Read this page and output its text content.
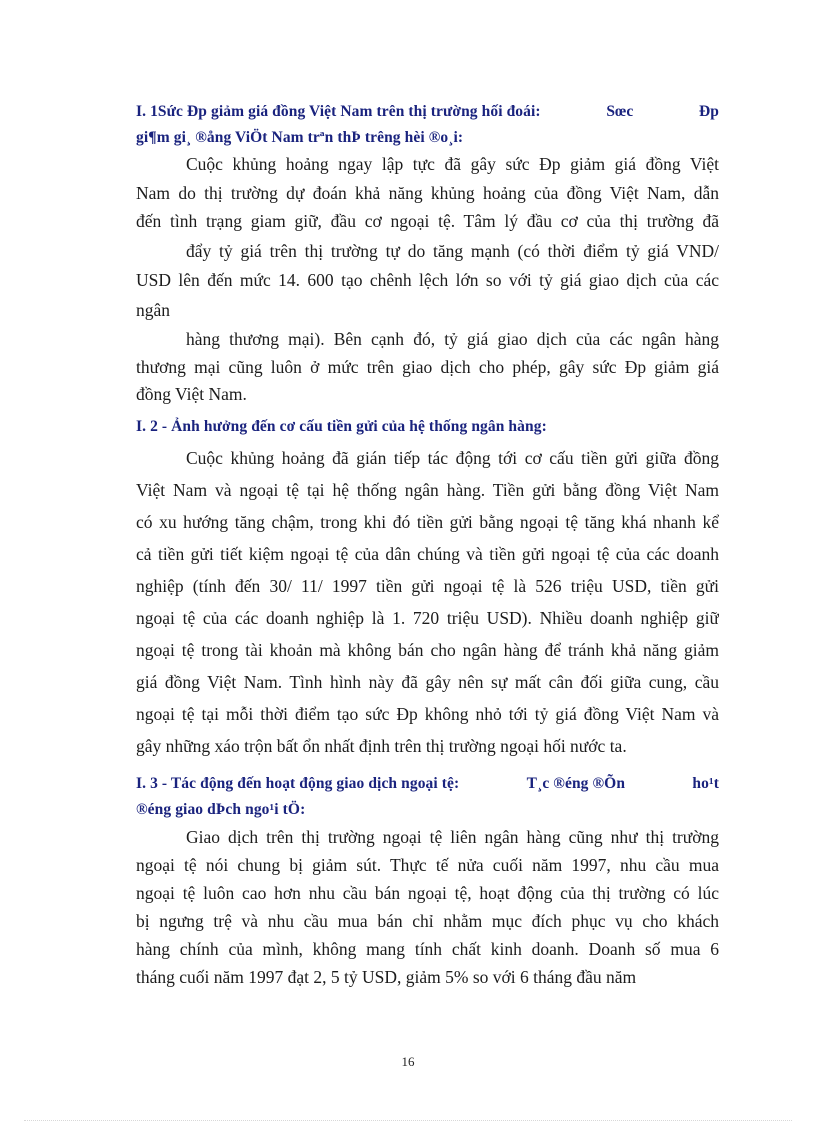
I. 1Sức Ðp giảm giá đồng Việt Nam trên thị trường hối đoái:	Sœc	Ðp
gi¶m gi¸ ®ång ViÖt Nam trªn thÞ trêng hèi ®o¸i:
Cuộc khủng hoảng ngay lập tực đã gây sức Ðp giảm giá đồng Việt
Nam do thị trường dự đoán khả năng khủng hoảng của đồng Việt Nam, dẫn
đến tình trạng giam giữ, đầu cơ ngoại tệ. Tâm lý đầu cơ của thị trường đã
đẩy tỷ giá trên thị trường tự do tăng mạnh (có thời điểm tỷ giá VND/
USD lên đến mức 14. 600 tạo chênh lệch lớn so với tỷ giá giao dịch của các
ngân
hàng thương mại). Bên cạnh đó, tỷ giá giao dịch của các ngân hàng
thương mại cũng luôn ở mức trên giao dịch cho phép, gây sức Ðp giảm giá
đồng Việt Nam.
I. 2 - Ảnh hưởng đến cơ cấu tiền gửi của hệ thống ngân hàng:
Cuộc khủng hoảng đã gián tiếp tác động tới cơ cấu tiền gửi giữa đồng
Việt Nam và ngoại tệ tại hệ thống ngân hàng. Tiền gửi bằng đồng Việt Nam
có xu hướng tăng chậm, trong khi đó tiền gửi bằng ngoại tệ tăng khá nhanh kể
cả tiền gửi tiết kiệm ngoại tệ của dân chúng và tiền gửi ngoại tệ của các doanh
nghiệp (tính đến 30/ 11/ 1997 tiền gửi ngoại tệ là 526 triệu USD, tiền gửi
ngoại tệ của các doanh nghiệp là 1. 720 triệu USD). Nhiều doanh nghiệp giữ
ngoại tệ trong tài khoản mà không bán cho ngân hàng để tránh khả năng giảm
giá đồng Việt Nam. Tình hình này đã gây nên sự mất cân đối giữa cung, cầu
ngoại tệ tại mỗi thời điểm tạo sức Ðp không nhỏ tới tỷ giá đồng Việt Nam và
gây những xáo trộn bất ổn nhất định trên thị trường ngoại hối nước ta.
I. 3 - Tác động đến hoạt động giao dịch ngoại tệ:	T¸c ®éng ®Õn	ho¹t
®éng giao dÞch ngo¹i tÖ:
Giao dịch trên thị trường ngoại tệ liên ngân hàng cũng như thị trường
ngoại tệ nói chung bị giảm sút. Thực tế nửa cuối năm 1997, nhu cầu mua
ngoại tệ luôn cao hơn nhu cầu bán ngoại tệ, hoạt động của thị trường có lúc
bị ngưng trệ và nhu cầu mua bán chỉ nhằm mục đích phục vụ cho khách
hàng chính của mình, không mang tính chất kinh doanh. Doanh số mua 6
tháng cuối năm 1997 đạt 2, 5 tỷ USD, giảm 5% so với 6 tháng đầu năm
16
